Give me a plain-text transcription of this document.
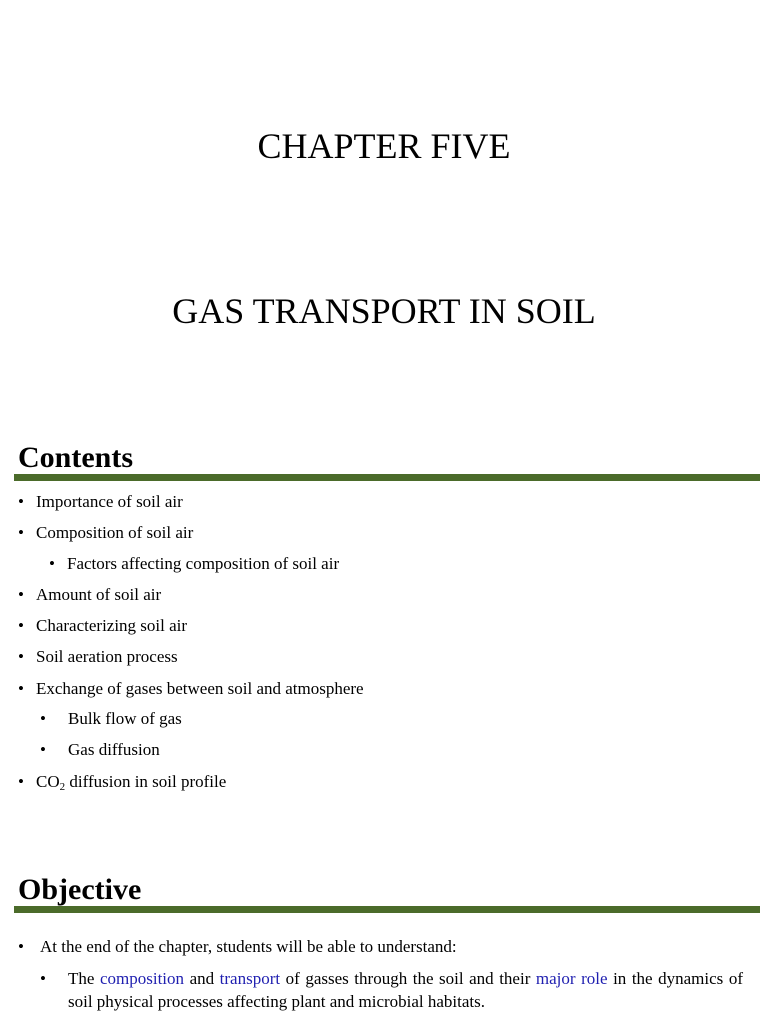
CHAPTER FIVE
GAS TRANSPORT IN SOIL
Contents
• Importance of soil air
• Composition of soil air
• Factors affecting composition of soil air
• Amount of soil air
• Characterizing soil air
• Soil aeration process
• Exchange of gases between soil and atmosphere
• Bulk flow of gas
• Gas diffusion
• $CO_2$ diffusion in soil profile
Objective
• At the end of the chapter, students will be able to understand:
• The composition and transport of gasses through the soil and their major role in the dynamics of soil physical processes affecting plant and microbial habitats.
